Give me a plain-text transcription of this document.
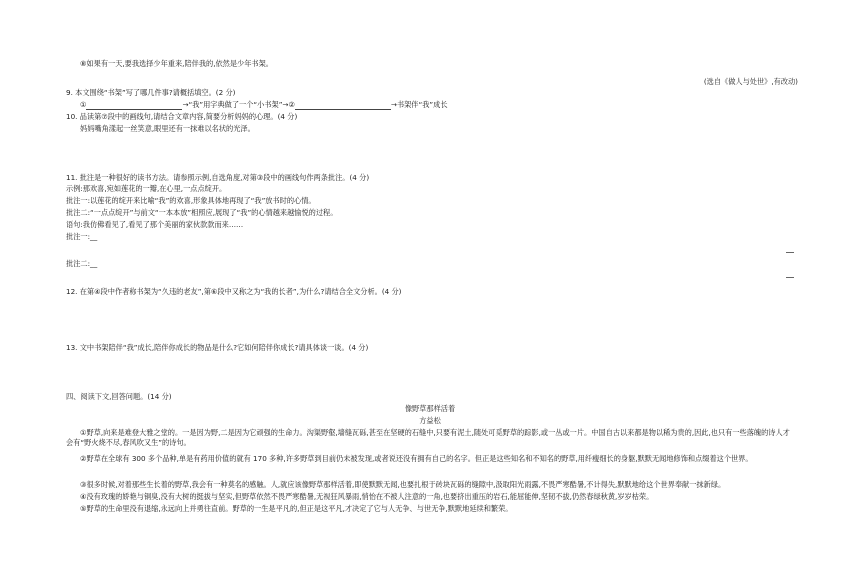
⑧如果有一天,要我选择少年重来,陪伴我的,依然是少年书架。
(选自《做人与处世》,有改动)
9. 本文围绕“书架”写了哪几件事?请概括填空。(2 分)
①	→“我”用字典做了一个“小书架”→②	→书架伴“我”成长
10. 品读第⑦段中的画线句,请结合文章内容,简要分析妈妈的心理。(4 分)
妈妈嘴角漾起一丝笑意,眼里还有一抹难以名状的光泽。
11. 批注是一种很好的读书方法。请参照示例,自选角度,对第③段中的画线句作两条批注。(4 分)
示例:那欢喜,宛如莲花的一瓣,在心里,一点点绽开。
批注一:以莲花的绽开来比喻“我”的欢喜,形象具体地再现了“我”放书时的心情。
批注二:“一点点绽开”与前文“一本本放”相照应,展现了“我”的心情越来越愉悦的过程。
语句:我仿佛看见了,看见了那个美丽的家伙款款而来……
批注一:__
批注二:__
12. 在第④段中作者称书架为“久违的老友”,第⑥段中又称之为“我的长者”,为什么?请结合全文分析。(4 分)
13. 文中书架陪伴“我”成长,陪伴你成长的物品是什么?它如何陪伴你成长?请具体谈一谈。(4 分)
四、阅读下文,回答问题。(14 分)
像野草那样活着
方益松
①野草,向来是难登大雅之堂的。一是因为野,二是因为它顽强的生命力。沟渠野壑,墙缝瓦砾,甚至在坚硬的石缝中,只要有泥土,随处可觅野草的踪影,或一丛或一片。中国自古以来都是物以稀为贵的,因此,也只有一些落魄的诗人才会有“野火烧不尽,春风吹又生”的诗句。
②野草在全球有 300 多个品种,单是有药用价值的就有 170 多种,许多野草到目前仍未被发现,或者说还没有拥有自己的名字。但正是这些知名和不知名的野草,用纤瘦细长的身躯,默默无闻地修饰和点缀着这个世界。
③很多时候,对着那些生长着的野草,我会有一种莫名的感触。人,就应该像野草那样活着,即使默默无闻,也要扎根于砖块瓦砾的缝隙中,汲取阳光雨露,不畏严寒酷暑,不计得失,默默地给这个世界奉献一抹新绿。
④没有玫瑰的娇艳与铜臭,没有大树的挺拔与坚实,但野草依然不畏严寒酷暑,无视狂风暴雨,悄怡在不被人注意的一角,也要挤出重压的岩石,能屈能伸,坚韧不拔,仍然春绿秋黄,岁岁枯荣。
⑤野草的生命里没有退缩,永远向上并勇往直前。野草的一生是平凡的,但正是这平凡,才决定了它与人无争、与世无争,默默地延续和繁荣。
